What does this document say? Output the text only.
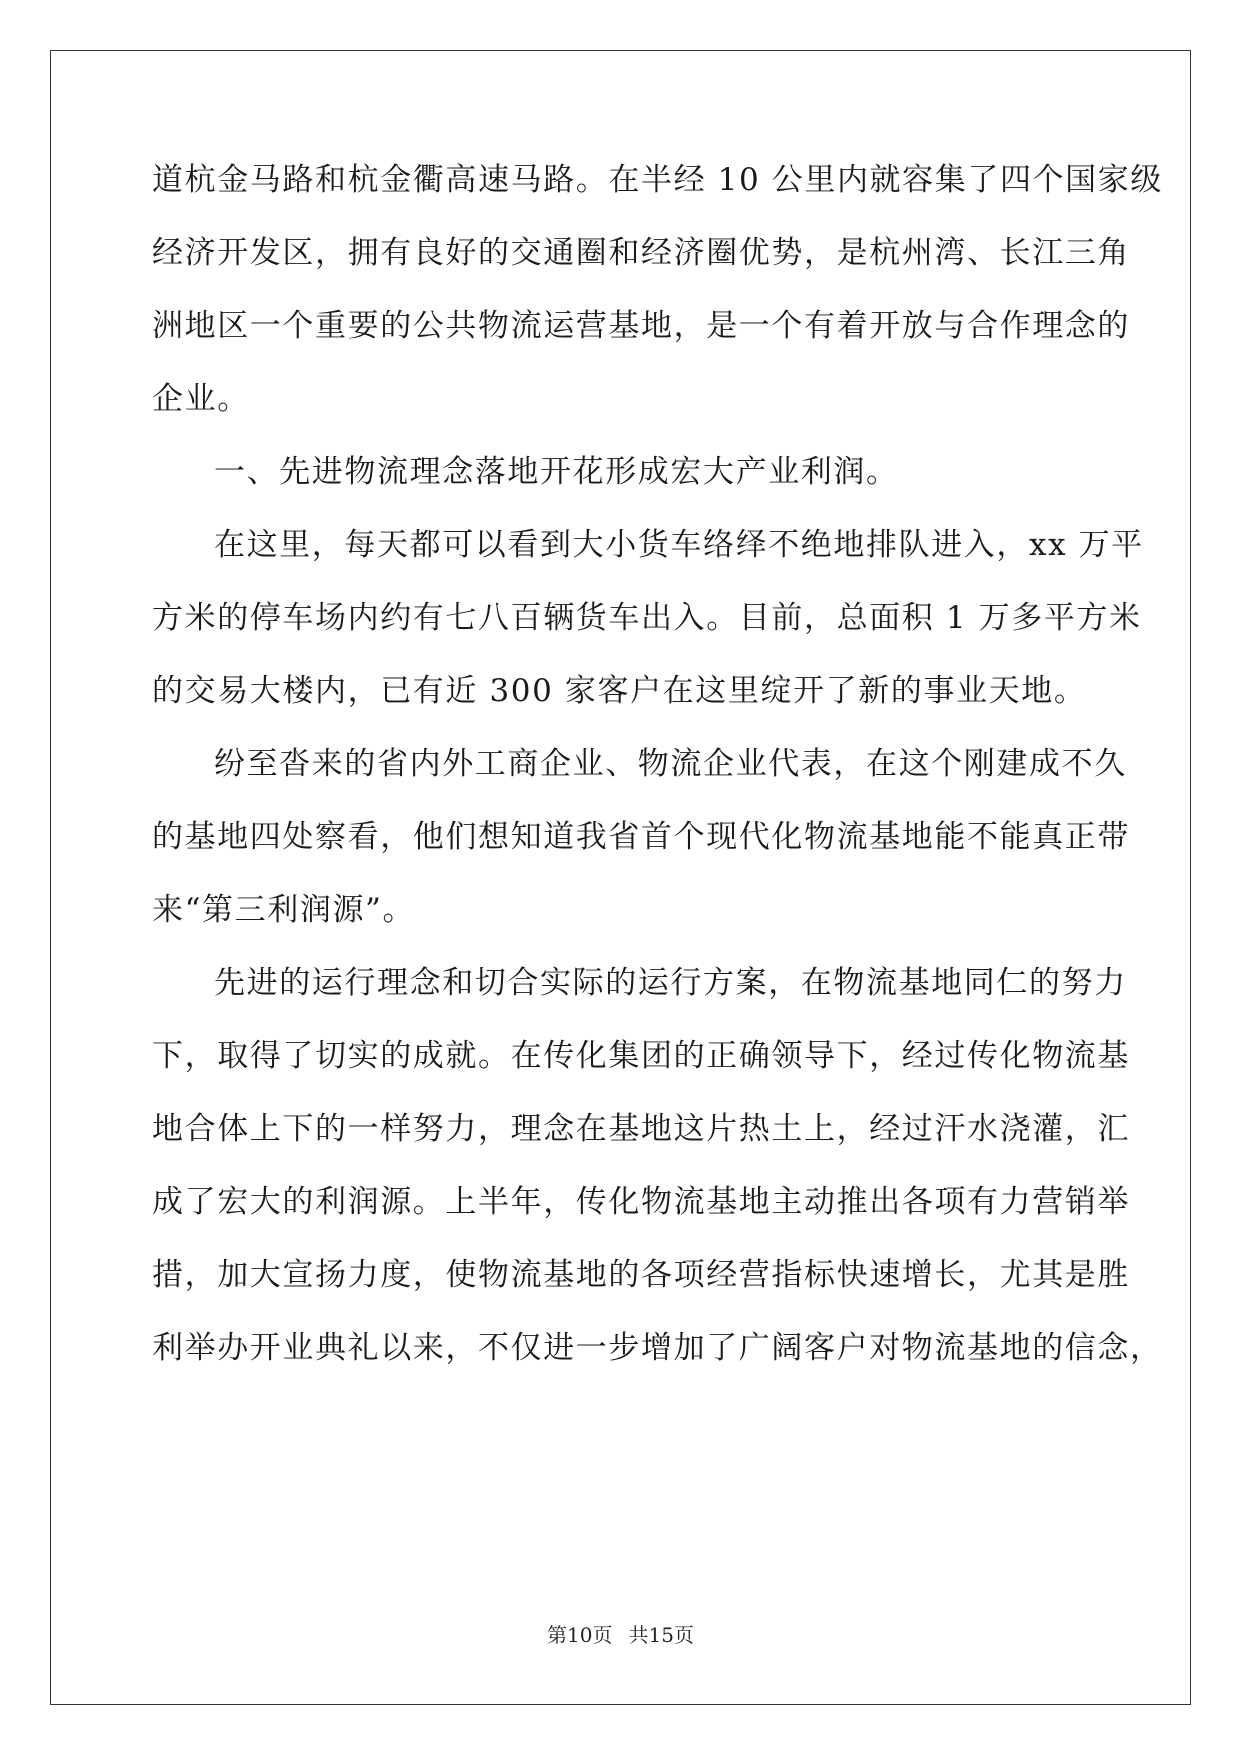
道杭金马路和杭金衢高速马路。在半经 10 公里内就容集了四个国家级
经济开发区，拥有良好的交通圈和经济圈优势，是杭州湾、长江三角
洲地区一个重要的公共物流运营基地，是一个有着开放与合作理念的
企业。
一、先进物流理念落地开花形成宏大产业利润。
在这里，每天都可以看到大小货车络绎不绝地排队进入，xx 万平
方米的停车场内约有七八百辆货车出入。目前，总面积 1 万多平方米
的交易大楼内，已有近 300 家客户在这里绽开了新的事业天地。
纷至沓来的省内外工商企业、物流企业代表，在这个刚建成不久
的基地四处察看，他们想知道我省首个现代化物流基地能不能真正带
来“第三利润源”。
先进的运行理念和切合实际的运行方案，在物流基地同仁的努力
下，取得了切实的成就。在传化集团的正确领导下，经过传化物流基
地合体上下的一样努力，理念在基地这片热土上，经过汗水浇灌，汇
成了宏大的利润源。上半年，传化物流基地主动推出各项有力营销举
措，加大宣扬力度，使物流基地的各项经营指标快速增长，尤其是胜
利举办开业典礼以来，不仅进一步增加了广阔客户对物流基地的信念，
第10页 共15页
